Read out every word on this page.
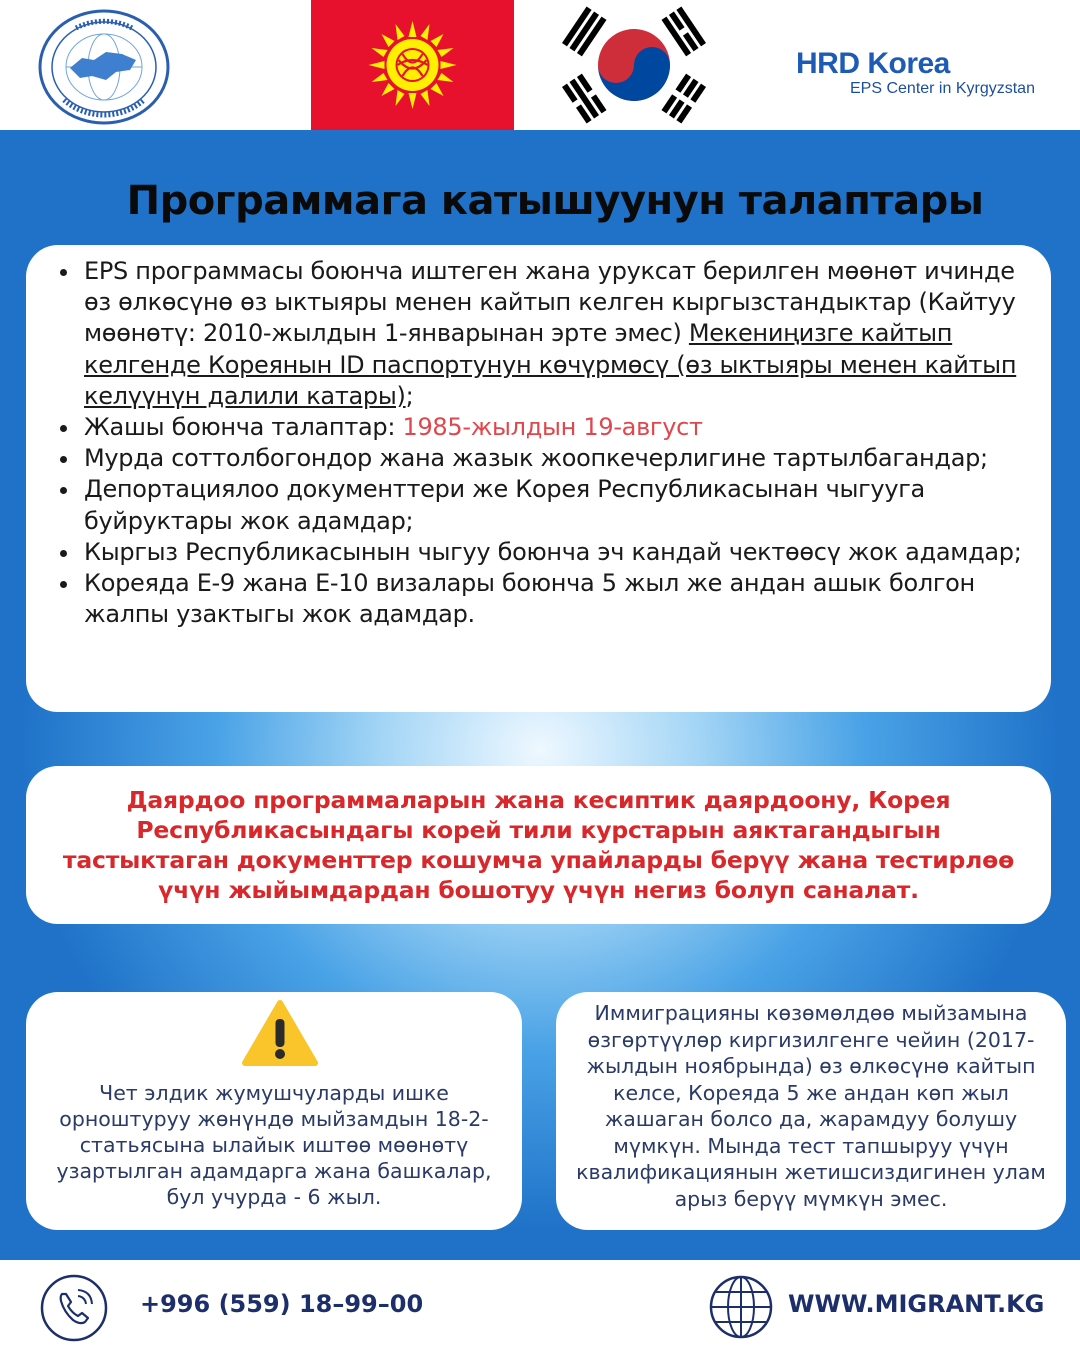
HRD Korea
EPS Center in Kyrgyzstan
Программага катышуунун талаптары
EPS программасы боюнча иштеген жана уруксат берилген мөөнөт ичинде өз өлкөсүнө өз ыктыяры менен кайтып келген кыргызстандыктар (Кайтуу мөөнөтү: 2010-жылдын 1-январынан эрте эмес) Мекениңизге кайтып келгенде Кореянын ID паспортунун көчүрмөсү (өз ыктыяры менен кайтып келүүнүн далили катары);
Жашы боюнча талаптар: 1985-жылдын 19-август
Мурда соттолбогондор жана жазык жоопкечерлигине тартылбагандар;
Депортациялоо документтери же Корея Республикасынан чыгууга буйруктары жок адамдар;
Кыргыз Республикасынын чыгуу боюнча эч кандай чектөөсү жок адамдар;
Кореяда E-9 жана E-10 визалары боюнча 5 жыл же андан ашык болгон жалпы узактыгы жок адамдар.

Даярдоо программаларын жана кесиптик даярдоону, Корея Республикасындагы корей тили курстарын аяктагандыгын тастыктаган документтер кошумча упайларды берүү жана тестирлөө үчүн жыйымдардан бошотуу үчүн негиз болуп саналат.

Чет элдик жумушчуларды ишке орноштуруу жөнүндө мыйзамдын 18-2-статьясына ылайык иштөө мөөнөтү узартылган адамдарга жана башкалар, бул учурда - 6 жыл.

Иммиграцияны көзөмөлдөө мыйзамына өзгөртүүлөр киргизилгенге чейин (2017-жылдын ноябрында) өз өлкөсүнө кайтып келсе, Кореяда 5 же андан көп жыл жашаган болсо да, жарамдуу болушу мүмкүн. Мында тест тапшыруу үчүн квалификациянын жетишсиздигинен улам арыз берүү мүмкүн эмес.

+996 (559) 18–99–00	WWW.MIGRANT.KG
